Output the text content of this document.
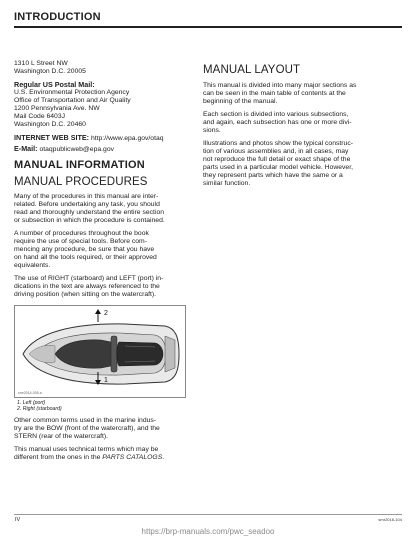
INTRODUCTION
1310 L Street NW
Washington D.C. 20005
Regular US Postal Mail:
U.S. Environmental Protection Agency
Office of Transportation and Air Quality
1200 Pennsylvania Ave. NW
Mail Code 6403J
Washington D.C. 20460
INTERNET WEB SITE: http://www.epa.gov/otaq
E-Mail: otaqpublicweb@epa.gov
MANUAL INFORMATION
MANUAL PROCEDURES
Many of the procedures in this manual are inter-
related. Before undertaking any task, you should
read and thoroughly understand the entire section
or subsection in which the procedure is contained.
A number of procedures throughout the book
require the use of special tools. Before com-
mencing any procedure, be sure that you have
on hand all the tools required, or their approved
equivalents.
The use of RIGHT (starboard) and LEFT (port) in-
dications in the text are always referenced to the
driving position (when sitting on the watercraft).
2
1
smr2014-005-a
1. Left (port)
2. Right (starboard)
Other common terms used in the marine indus-
try are the BOW (front of the watercraft), and the
STERN (rear of the watercraft).
This manual uses technical terms which may be
different from the ones in the PARTS CATALOGS.
MANUAL LAYOUT
This manual is divided into many major sections as
can be seen in the main table of contents at the
beginning of the manual.
Each section is divided into various subsections,
and again, each subsection has one or more divi-
sions.
Illustrations and photos show the typical construc-
tion of various assemblies and, in all cases, may
not reproduce the full detail or exact shape of the
parts used in a particular model vehicle. However,
they represent parts which have the same or a
similar function.
IV	smr2016-104
https://brp-manuals.com/pwc_seadoo
